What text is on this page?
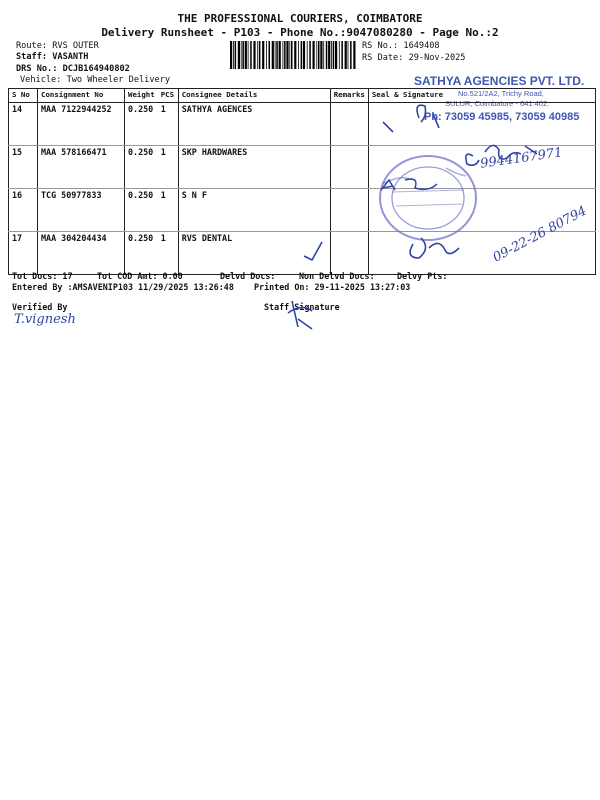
THE PROFESSIONAL COURIERS, COIMBATORE
Delivery Runsheet - P103 - Phone No.:9047080280 - Page No.:2
Route: RVS OUTER
Staff: VASANTH
DRS No.: DCJB164940802
Vehicle: Two Wheeler Delivery
RS No.: 1649408
RS Date: 29-Nov-2025
SATHYA AGENCIES PVT. LTD.
No.521/2A2, Trichy Road,
SULUR, Coimbatore - 641 402.
Ph: 73059 45985, 73059 40985
S No	Consignment No	Weight	PCS	Consignee Details	Remarks	Seal & Signature
14	MAA 7122944252	0.250	1	SATHYA AGENCES		
15	MAA 578166471	0.250	1	SKP HARDWARES		
16	TCG 50977833	0.250	1	S N F		
17	MAA 304204434	0.250	1	RVS DENTAL		
9944167971
09-22-26 80794
Tot Docs: 17	Tot COD Amt: 0.00	Delvd Docs:	Non Delvd Docs:	Delvy Pts:
Entered By :AMSAVENIP103 11/29/2025 13:26:48 Printed On: 29-11-2025 13:27:03
Verified By	Staff Signature
T.vignesh
